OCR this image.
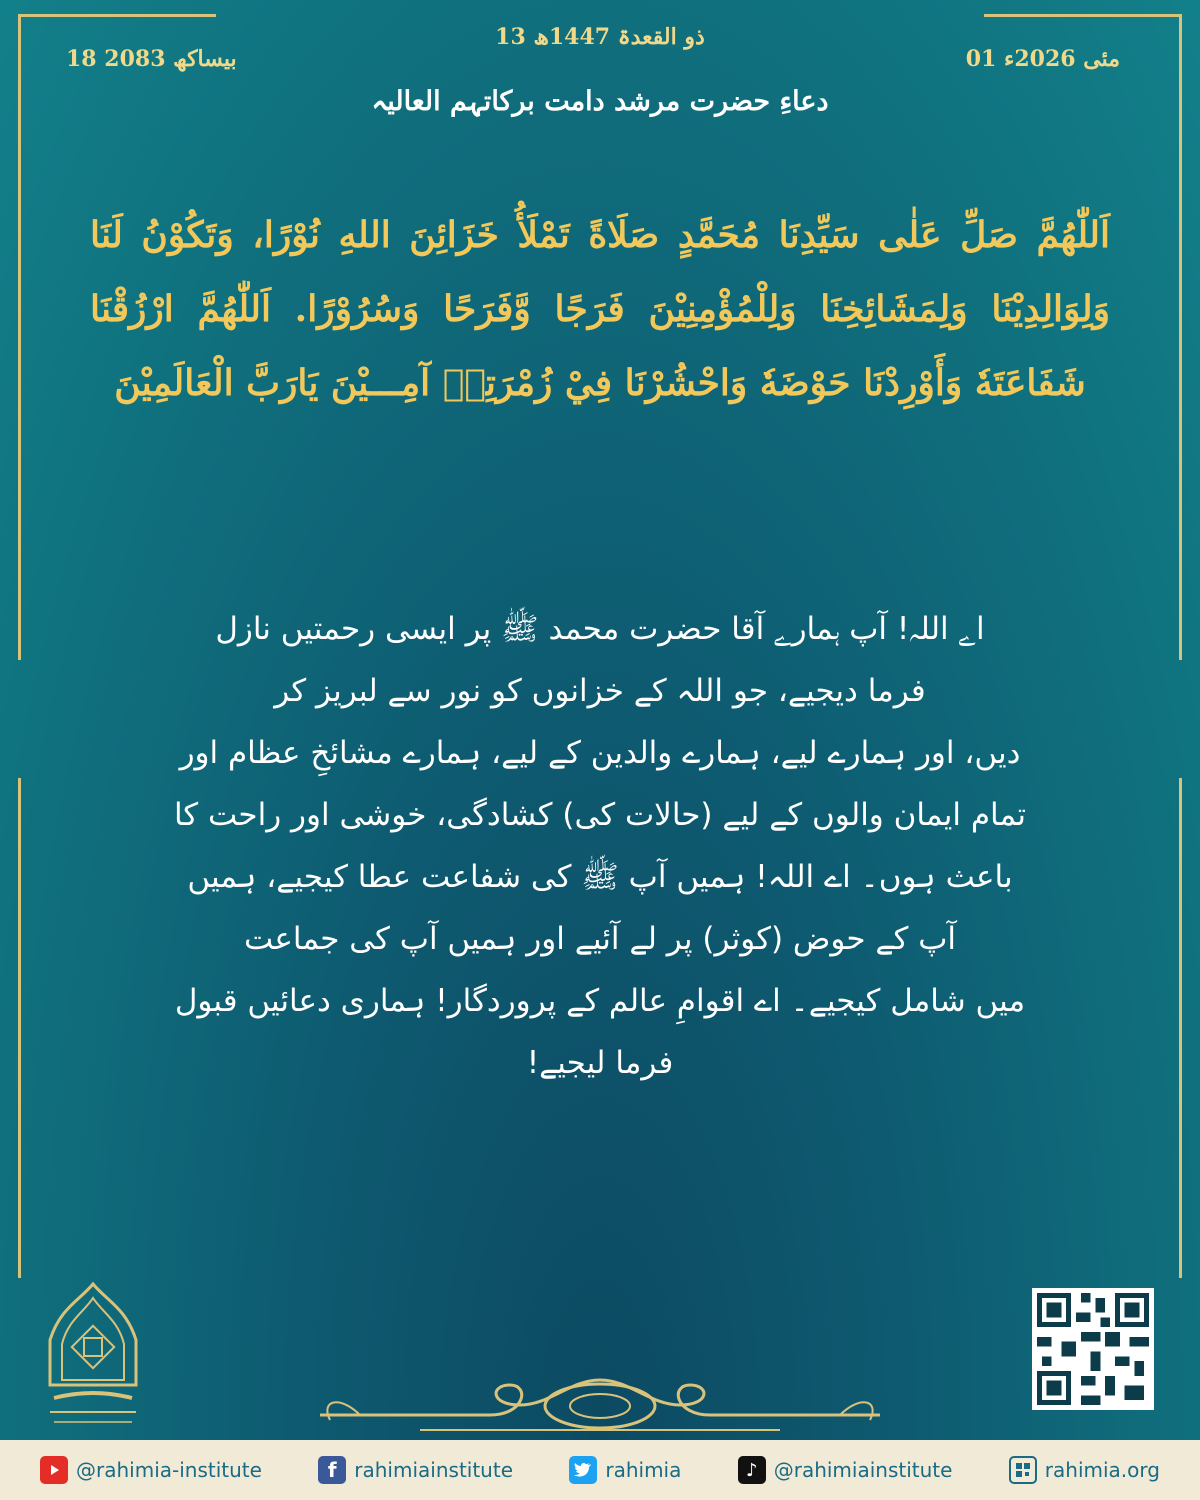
13 ذو القعدۃ 1447ھ
01 مئی 2026ء
18 بیساکھ 2083
دعاءِ حضرت مرشد دامت برکاتہم العالیہ
اَللّٰهُمَّ صَلِّ عَلٰى سَيِّدِنَا مُحَمَّدٍ صَلَاةً تَمْلَأُ خَزَائِنَ اللهِ نُوْرًا، وَتَكُوْنُ لَنَا وَلِوَالِدِيْنَا وَلِمَشَائِخِنَا وَلِلْمُؤْمِنِيْنَ فَرَجًا وَّفَرَحًا وَسُرُوْرًا. اَللّٰهُمَّ ارْزُقْنَا شَفَاعَتَهٗ وَأَوْرِدْنَا حَوْضَهٗ وَاحْشُرْنَا فِيْ زُمْرَتِهٖ آمِـــيْنَ يَارَبَّ الْعَالَمِيْنَ
اے اللہ! آپ ہمارے آقا حضرت محمد ﷺ پر ایسی رحمتیں نازل
فرما دیجیے، جو اللہ کے خزانوں کو نور سے لبریز کر
دیں، اور ہمارے لیے، ہمارے والدین کے لیے، ہمارے مشائخِ عظام اور
تمام ایمان والوں کے لیے (حالات کی) کشادگی، خوشی اور راحت کا
باعث ہوں۔ اے اللہ! ہمیں آپ ﷺ کی شفاعت عطا کیجیے، ہمیں
آپ کے حوض (کوثر) پر لے آئیے اور ہمیں آپ کی جماعت
میں شامل کیجیے۔ اے اقوامِ عالم کے پروردگار! ہماری دعائیں قبول
فرما لیجیے!
@rahimia-institute	f rahimiainstitute	rahimia	♪ @rahimiainstitute	rahimia.org
